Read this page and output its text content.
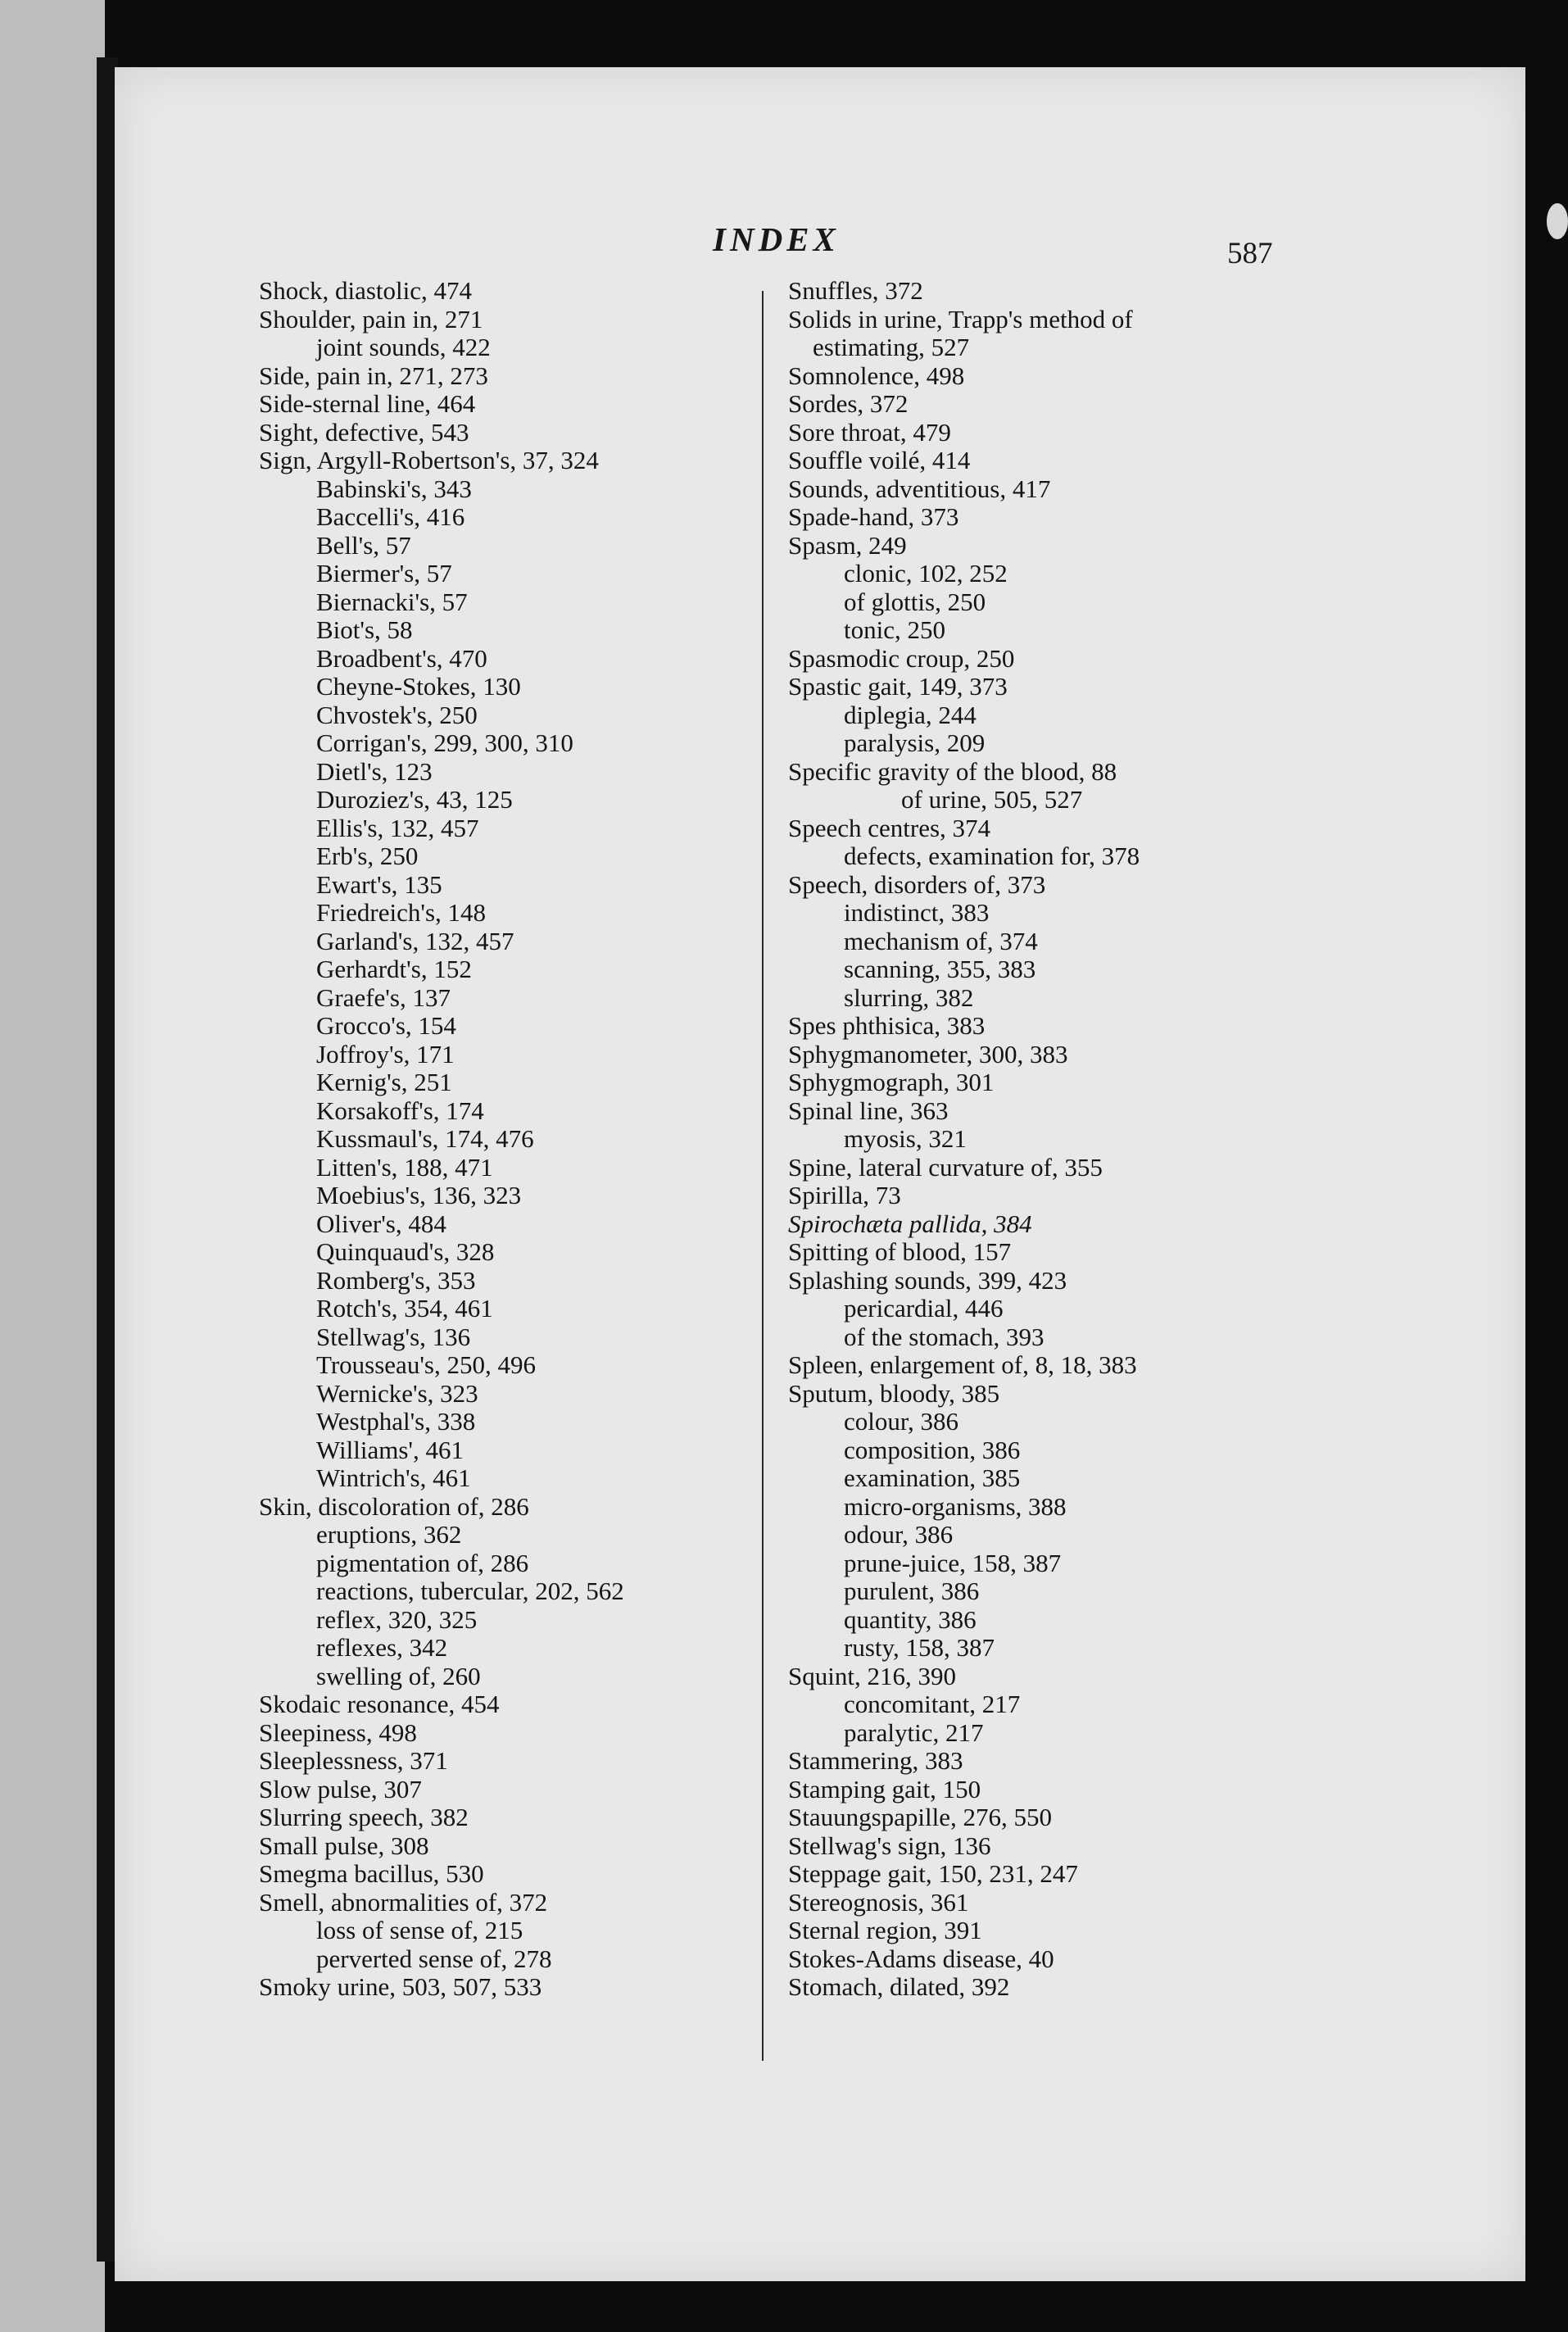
INDEX	587
Shock, diastolic, 474
Shoulder, pain in, 271
joint sounds, 422
Side, pain in, 271, 273
Side-sternal line, 464
Sight, defective, 543
Sign, Argyll-Robertson's, 37, 324
Babinski's, 343
Baccelli's, 416
Bell's, 57
Biermer's, 57
Biernacki's, 57
Biot's, 58
Broadbent's, 470
Cheyne-Stokes, 130
Chvostek's, 250
Corrigan's, 299, 300, 310
Dietl's, 123
Duroziez's, 43, 125
Ellis's, 132, 457
Erb's, 250
Ewart's, 135
Friedreich's, 148
Garland's, 132, 457
Gerhardt's, 152
Graefe's, 137
Grocco's, 154
Joffroy's, 171
Kernig's, 251
Korsakoff's, 174
Kussmaul's, 174, 476
Litten's, 188, 471
Moebius's, 136, 323
Oliver's, 484
Quinquaud's, 328
Romberg's, 353
Rotch's, 354, 461
Stellwag's, 136
Trousseau's, 250, 496
Wernicke's, 323
Westphal's, 338
Williams', 461
Wintrich's, 461
Skin, discoloration of, 286
eruptions, 362
pigmentation of, 286
reactions, tubercular, 202, 562
reflex, 320, 325
reflexes, 342
swelling of, 260
Skodaic resonance, 454
Sleepiness, 498
Sleeplessness, 371
Slow pulse, 307
Slurring speech, 382
Small pulse, 308
Smegma bacillus, 530
Smell, abnormalities of, 372
loss of sense of, 215
perverted sense of, 278
Smoky urine, 503, 507, 533
Snuffles, 372
Solids in urine, Trapp's method of
estimating, 527
Somnolence, 498
Sordes, 372
Sore throat, 479
Souffle voilé, 414
Sounds, adventitious, 417
Spade-hand, 373
Spasm, 249
clonic, 102, 252
of glottis, 250
tonic, 250
Spasmodic croup, 250
Spastic gait, 149, 373
diplegia, 244
paralysis, 209
Specific gravity of the blood, 88
of urine, 505, 527
Speech centres, 374
defects, examination for, 378
Speech, disorders of, 373
indistinct, 383
mechanism of, 374
scanning, 355, 383
slurring, 382
Spes phthisica, 383
Sphygmanometer, 300, 383
Sphygmograph, 301
Spinal line, 363
myosis, 321
Spine, lateral curvature of, 355
Spirilla, 73
Spirochæta pallida, 384
Spitting of blood, 157
Splashing sounds, 399, 423
pericardial, 446
of the stomach, 393
Spleen, enlargement of, 8, 18, 383
Sputum, bloody, 385
colour, 386
composition, 386
examination, 385
micro-organisms, 388
odour, 386
prune-juice, 158, 387
purulent, 386
quantity, 386
rusty, 158, 387
Squint, 216, 390
concomitant, 217
paralytic, 217
Stammering, 383
Stamping gait, 150
Stauungspapille, 276, 550
Stellwag's sign, 136
Steppage gait, 150, 231, 247
Stereognosis, 361
Sternal region, 391
Stokes-Adams disease, 40
Stomach, dilated, 392
